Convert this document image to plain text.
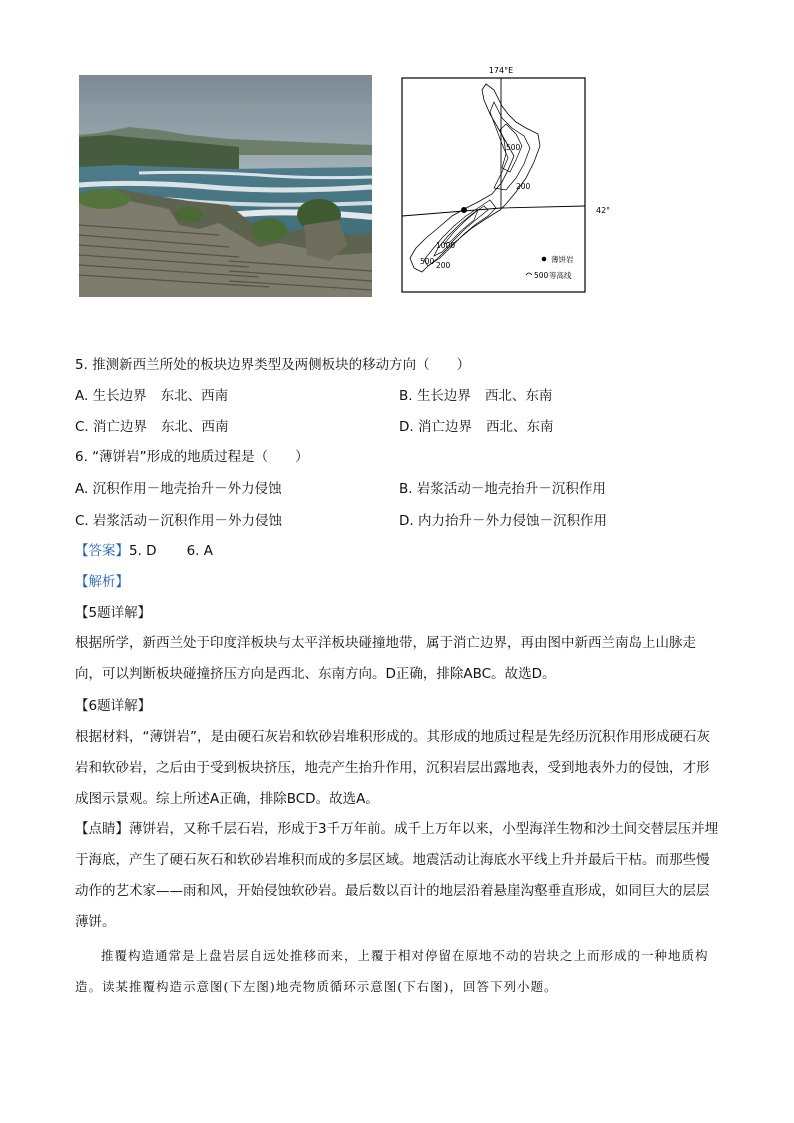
174°E
42°
500
200
1000
500 200
薄饼岩
500 等高线
5. 推测新西兰所处的板块边界类型及两侧板块的移动方向（　　）
A. 生长边界 东北、西南	B. 生长边界 西北、东南
C. 消亡边界 东北、西南	D. 消亡边界 西北、东南
6. “薄饼岩”形成的地质过程是（　　）
A. 沉积作用－地壳抬升－外力侵蚀	B. 岩浆活动－地壳抬升－沉积作用
C. 岩浆活动－沉积作用－外力侵蚀	D. 内力抬升－外力侵蚀－沉积作用
【答案】5. D 6. A
【解析】
【5题详解】
根据所学，新西兰处于印度洋板块与太平洋板块碰撞地带，属于消亡边界，再由图中新西兰南岛上山脉走向，可以判断板块碰撞挤压方向是西北、东南方向。D正确，排除ABC。故选D。
【6题详解】
根据材料，“薄饼岩”，是由硬石灰岩和软砂岩堆积形成的。其形成的地质过程是先经历沉积作用形成硬石灰岩和软砂岩，之后由于受到板块挤压，地壳产生抬升作用，沉积岩层出露地表，受到地表外力的侵蚀，才形成图示景观。综上所述A正确，排除BCD。故选A。
【点睛】薄饼岩，又称千层石岩，形成于3千万年前。成千上万年以来，小型海洋生物和沙土间交替层压并埋于海底，产生了硬石灰石和软砂岩堆积而成的多层区域。地震活动让海底水平线上升并最后干枯。而那些慢动作的艺术家——雨和风，开始侵蚀软砂岩。最后数以百计的地层沿着悬崖沟壑垂直形成，如同巨大的层层薄饼。
推覆构造通常是上盘岩层自远处推移而来，上覆于相对停留在原地不动的岩块之上而形成的一种地质构造。读某推覆构造示意图(下左图)地壳物质循环示意图(下右图)，回答下列小题。
